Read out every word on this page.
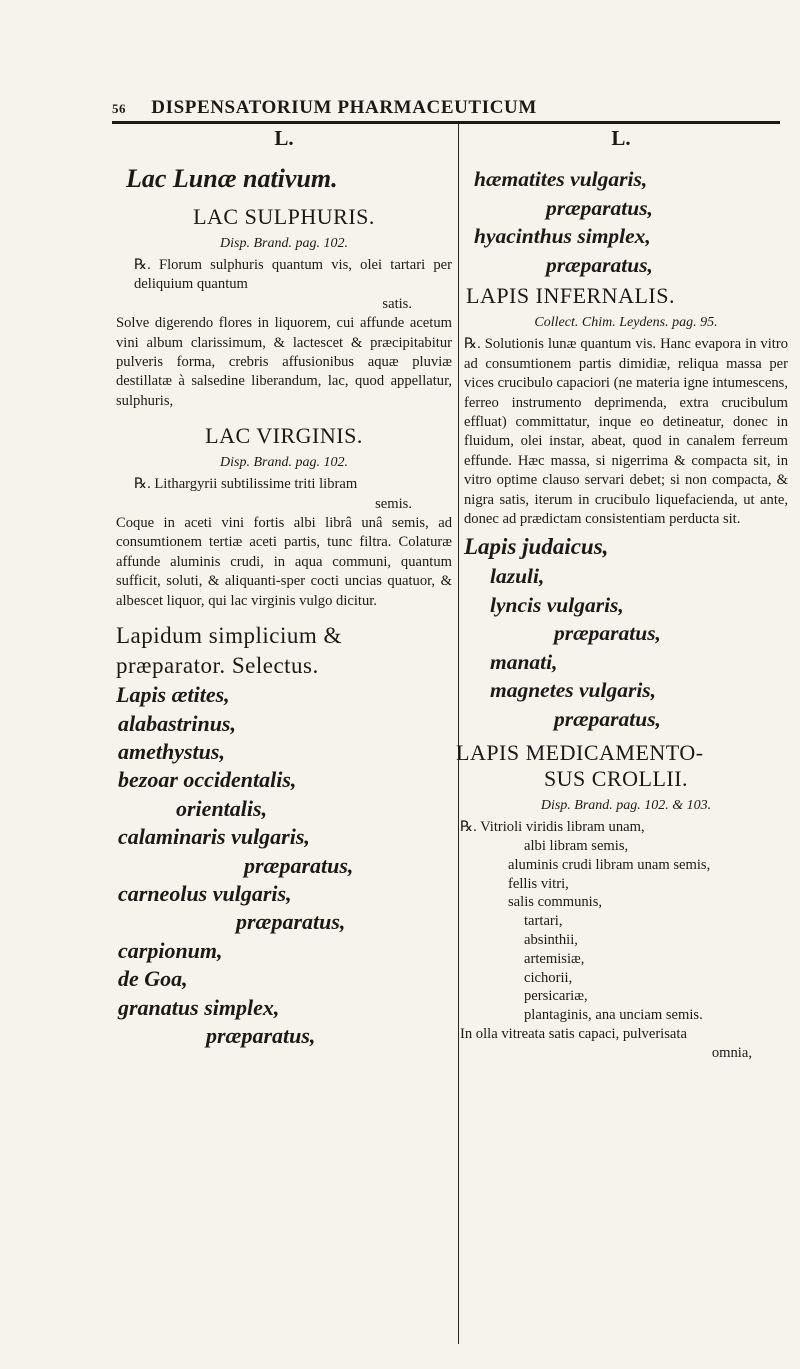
56 DISPENSATORIUM PHARMACEUTICUM
L.
Lac Lunæ nativum.
LAC SULPHURIS.
Disp. Brand. pag. 102.
℞. Florum sulphuris quantum vis, olei tartari per deliquium quantum
satis.
Solve digerendo flores in liquorem, cui affunde acetum vini album clarissimum, & lactescet & præcipitabitur pulveris forma, crebris affusionibus aquæ pluviæ destillatæ à salsedine liberandum, lac, quod appellatur, sulphuris,
LAC VIRGINIS.
Disp. Brand. pag. 102.
℞. Lithargyrii subtilissime triti libram
semis.
Coque in aceti vini fortis albi librâ unâ semis, ad consumtionem tertiæ aceti partis, tunc filtra. Colaturæ affunde aluminis crudi, in aqua communi, quantum sufficit, soluti, & aliquanti-sper cocti uncias quatuor, & albescet liquor, qui lac virginis vulgo dicitur.
Lapidum simplicium &
præparator. Selectus.
Lapis ætites,
alabastrinus,
amethystus,
bezoar occidentalis,
orientalis,
calaminaris vulgaris,
præparatus,
carneolus vulgaris,
præparatus,
carpionum,
de Goa,
granatus simplex,
præparatus,
L.
hæmatites vulgaris,
præparatus,
hyacinthus simplex,
præparatus,
LAPIS INFERNALIS.
Collect. Chim. Leydens. pag. 95.
℞. Solutionis lunæ quantum vis. Hanc evapora in vitro ad consumtionem partis dimidiæ, reliqua massa per vices crucibulo capaciori (ne materia igne intumescens, ferreo instrumento deprimenda, extra crucibulum effluat) committatur, inque eo detineatur, donec in fluidum, olei instar, abeat, quod in canalem ferreum effunde. Hæc massa, si nigerrima & compacta sit, in vitro optime clauso servari debet; si non compacta, & nigra satis, iterum in crucibulo liquefacienda, ut ante, donec ad prædictam consistentiam perducta sit.
Lapis judaicus,
lazuli,
lyncis vulgaris,
præparatus,
manati,
magnetes vulgaris,
præparatus,
LAPIS MEDICAMENTO-
SUS CROLLII.
Disp. Brand. pag. 102. & 103.
℞. Vitrioli viridis libram unam,
albi libram semis,
aluminis crudi libram unam semis,
fellis vitri,
salis communis,
tartari,
absinthii,
artemisiæ,
cichorii,
persicariæ,
plantaginis, ana unciam semis.
In olla vitreata satis capaci, pulverisata
omnia,
